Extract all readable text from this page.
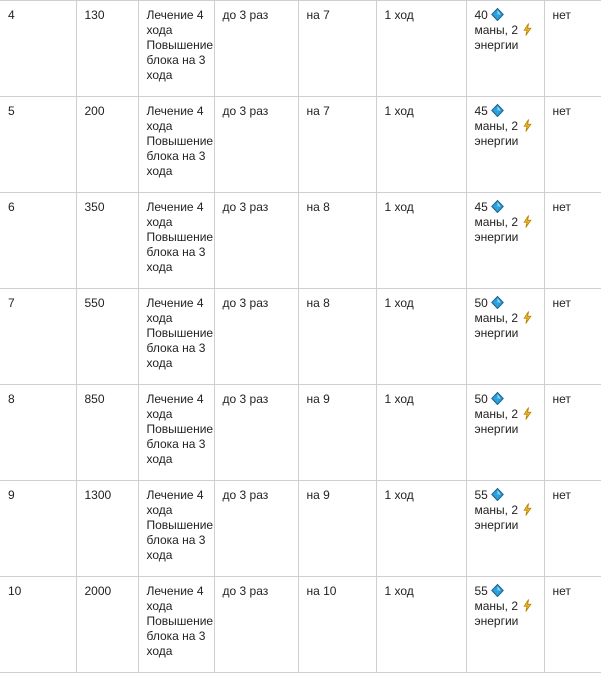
4	130	Лечение 4
хода
Повышение
блока на 3
хода	до 3 раз	на 7	1 ход	40
маны, 2
энергии	нет
5	200	Лечение 4
хода
Повышение
блока на 3
хода	до 3 раз	на 7	1 ход	45
маны, 2
энергии	нет
6	350	Лечение 4
хода
Повышение
блока на 3
хода	до 3 раз	на 8	1 ход	45
маны, 2
энергии	нет
7	550	Лечение 4
хода
Повышение
блока на 3
хода	до 3 раз	на 8	1 ход	50
маны, 2
энергии	нет
8	850	Лечение 4
хода
Повышение
блока на 3
хода	до 3 раз	на 9	1 ход	50
маны, 2
энергии	нет
9	1300	Лечение 4
хода
Повышение
блока на 3
хода	до 3 раз	на 9	1 ход	55
маны, 2
энергии	нет
10	2000	Лечение 4
хода
Повышение
блока на 3
хода	до 3 раз	на 10	1 ход	55
маны, 2
энергии	нет
